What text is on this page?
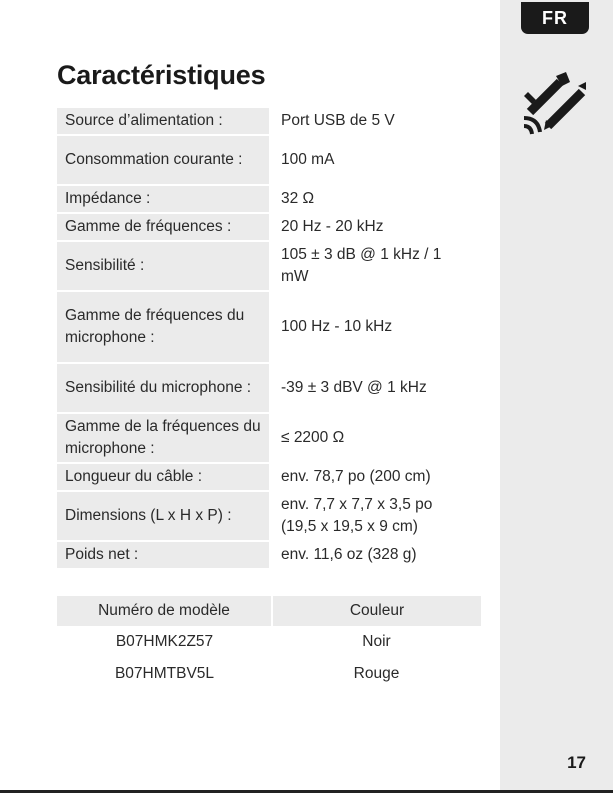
FR
Caractéristiques
Source d’alimentation :	Port USB de 5 V
Consommation courante :	100 mA
Impédance :	32 Ω
Gamme de fréquences :	20 Hz - 20 kHz
Sensibilité :	105 ± 3 dB @ 1 kHz / 1 mW
Gamme de fréquences du microphone :	100 Hz - 10 kHz
Sensibilité du microphone :	-39 ± 3 dBV @ 1 kHz
Gamme de la fréquences du microphone :	≤ 2200 Ω
Longueur du câble :	env. 78,7 po (200 cm)
Dimensions (L x H x P) :	env. 7,7 x 7,7 x 3,5 po (19,5 x 19,5 x 9 cm)
Poids net :	env. 11,6 oz (328 g)
Numéro de modèle	Couleur
B07HMK2Z57	Noir
B07HMTBV5L	Rouge
17
